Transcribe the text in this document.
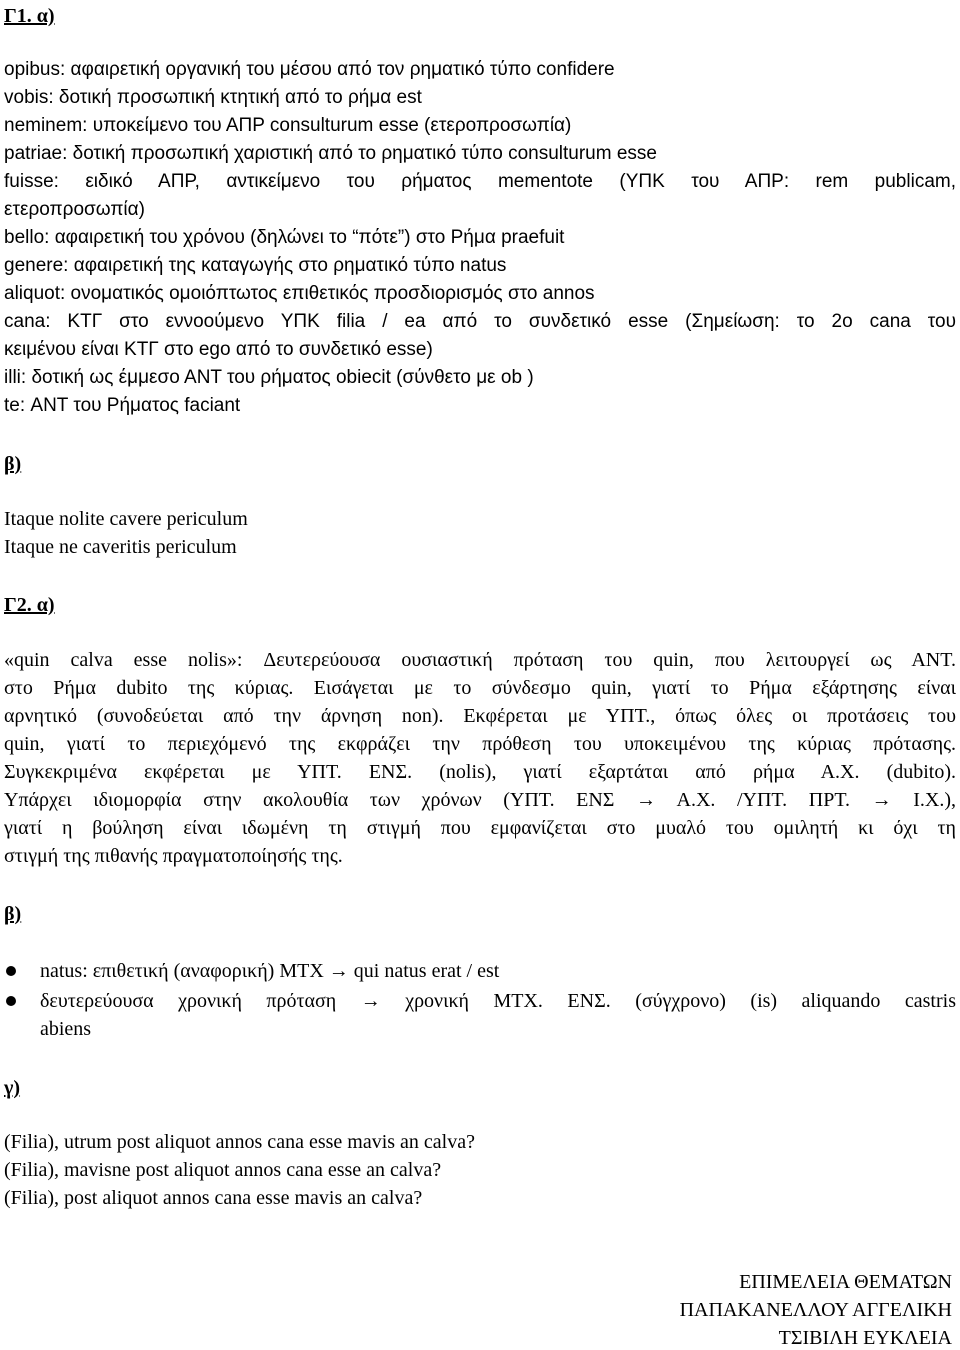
Γ1. α)
opibus: αφαιρετική οργανική του μέσου από τον ρηματικό τύπο confidere
vobis: δοτική προσωπική κτητική από το ρήμα est
neminem: υποκείμενο του ΑΠΡ consulturum esse (ετεροπροσωπία)
patriae: δοτική προσωπική χαριστική από το ρηματικό τύπο consulturum esse
fuisse: ειδικό ΑΠΡ, αντικείμενο του ρήματος mementote (ΥΠΚ του ΑΠΡ: rem publicam,
ετεροπροσωπία)
bello: αφαιρετική του χρόνου (δηλώνει το “πότε”) στο Ρήμα praefuit
genere: αφαιρετική της καταγωγής στο ρηματικό τύπο natus
aliquot: ονοματικός ομοιόπτωτος επιθετικός προσδιορισμός στο annos
cana: ΚΤΓ στο εννοούμενο ΥΠΚ filia / ea από το συνδετικό esse (Σημείωση: το 2ο cana του
κειμένου είναι ΚΤΓ στο ego από το συνδετικό esse)
illi: δοτική ως έμμεσο ΑΝΤ του ρήματος obiecit (σύνθετο με ob )
te: ΑΝΤ του Ρήματος faciant
β)
Itaque nolite cavere periculum
Itaque ne caveritis periculum
Γ2. α)
«quin calva esse nolis»: Δευτερεύουσα ουσιαστική πρόταση του quin, που λειτουργεί ως ΑΝΤ.
στο Ρήμα dubito της κύριας. Εισάγεται με το σύνδεσμο quin, γιατί το Ρήμα εξάρτησης είναι
αρνητικό (συνοδεύεται από την άρνηση non). Εκφέρεται με ΥΠΤ., όπως όλες οι προτάσεις του
quin, γιατί το περιεχόμενό της εκφράζει την πρόθεση του υποκειμένου της κύριας πρότασης.
Συγκεκριμένα εκφέρεται με ΥΠΤ. ΕΝΣ. (nolis), γιατί εξαρτάται από ρήμα Α.Χ. (dubito).
Υπάρχει ιδιομορφία στην ακολουθία των χρόνων (ΥΠΤ. ΕΝΣ → Α.Χ. /ΥΠΤ. ΠΡΤ. → Ι.Χ.),
γιατί η βούληση είναι ιδωμένη τη στιγμή που εμφανίζεται στο μυαλό του ομιλητή κι όχι τη
στιγμή της πιθανής πραγματοποίησής της.
β)
natus: επιθετική (αναφορική) ΜΤΧ → qui natus erat / est
δευτερεύουσα χρονική πρόταση → χρονική ΜΤΧ. ΕΝΣ. (σύγχρονο) (is) aliquando castris
abiens
γ)
(Filia), utrum post aliquot annos cana esse mavis an calva?
(Filia), mavisne post aliquot annos cana esse an calva?
(Filia), post aliquot annos cana esse mavis an calva?
ΕΠΙΜΕΛΕΙΑ ΘΕΜΑΤΩΝ
ΠΑΠΑΚΑΝΕΛΛΟΥ ΑΓΓΕΛΙΚΗ
ΤΣΙΒΙΛΗ ΕΥΚΛΕΙΑ
